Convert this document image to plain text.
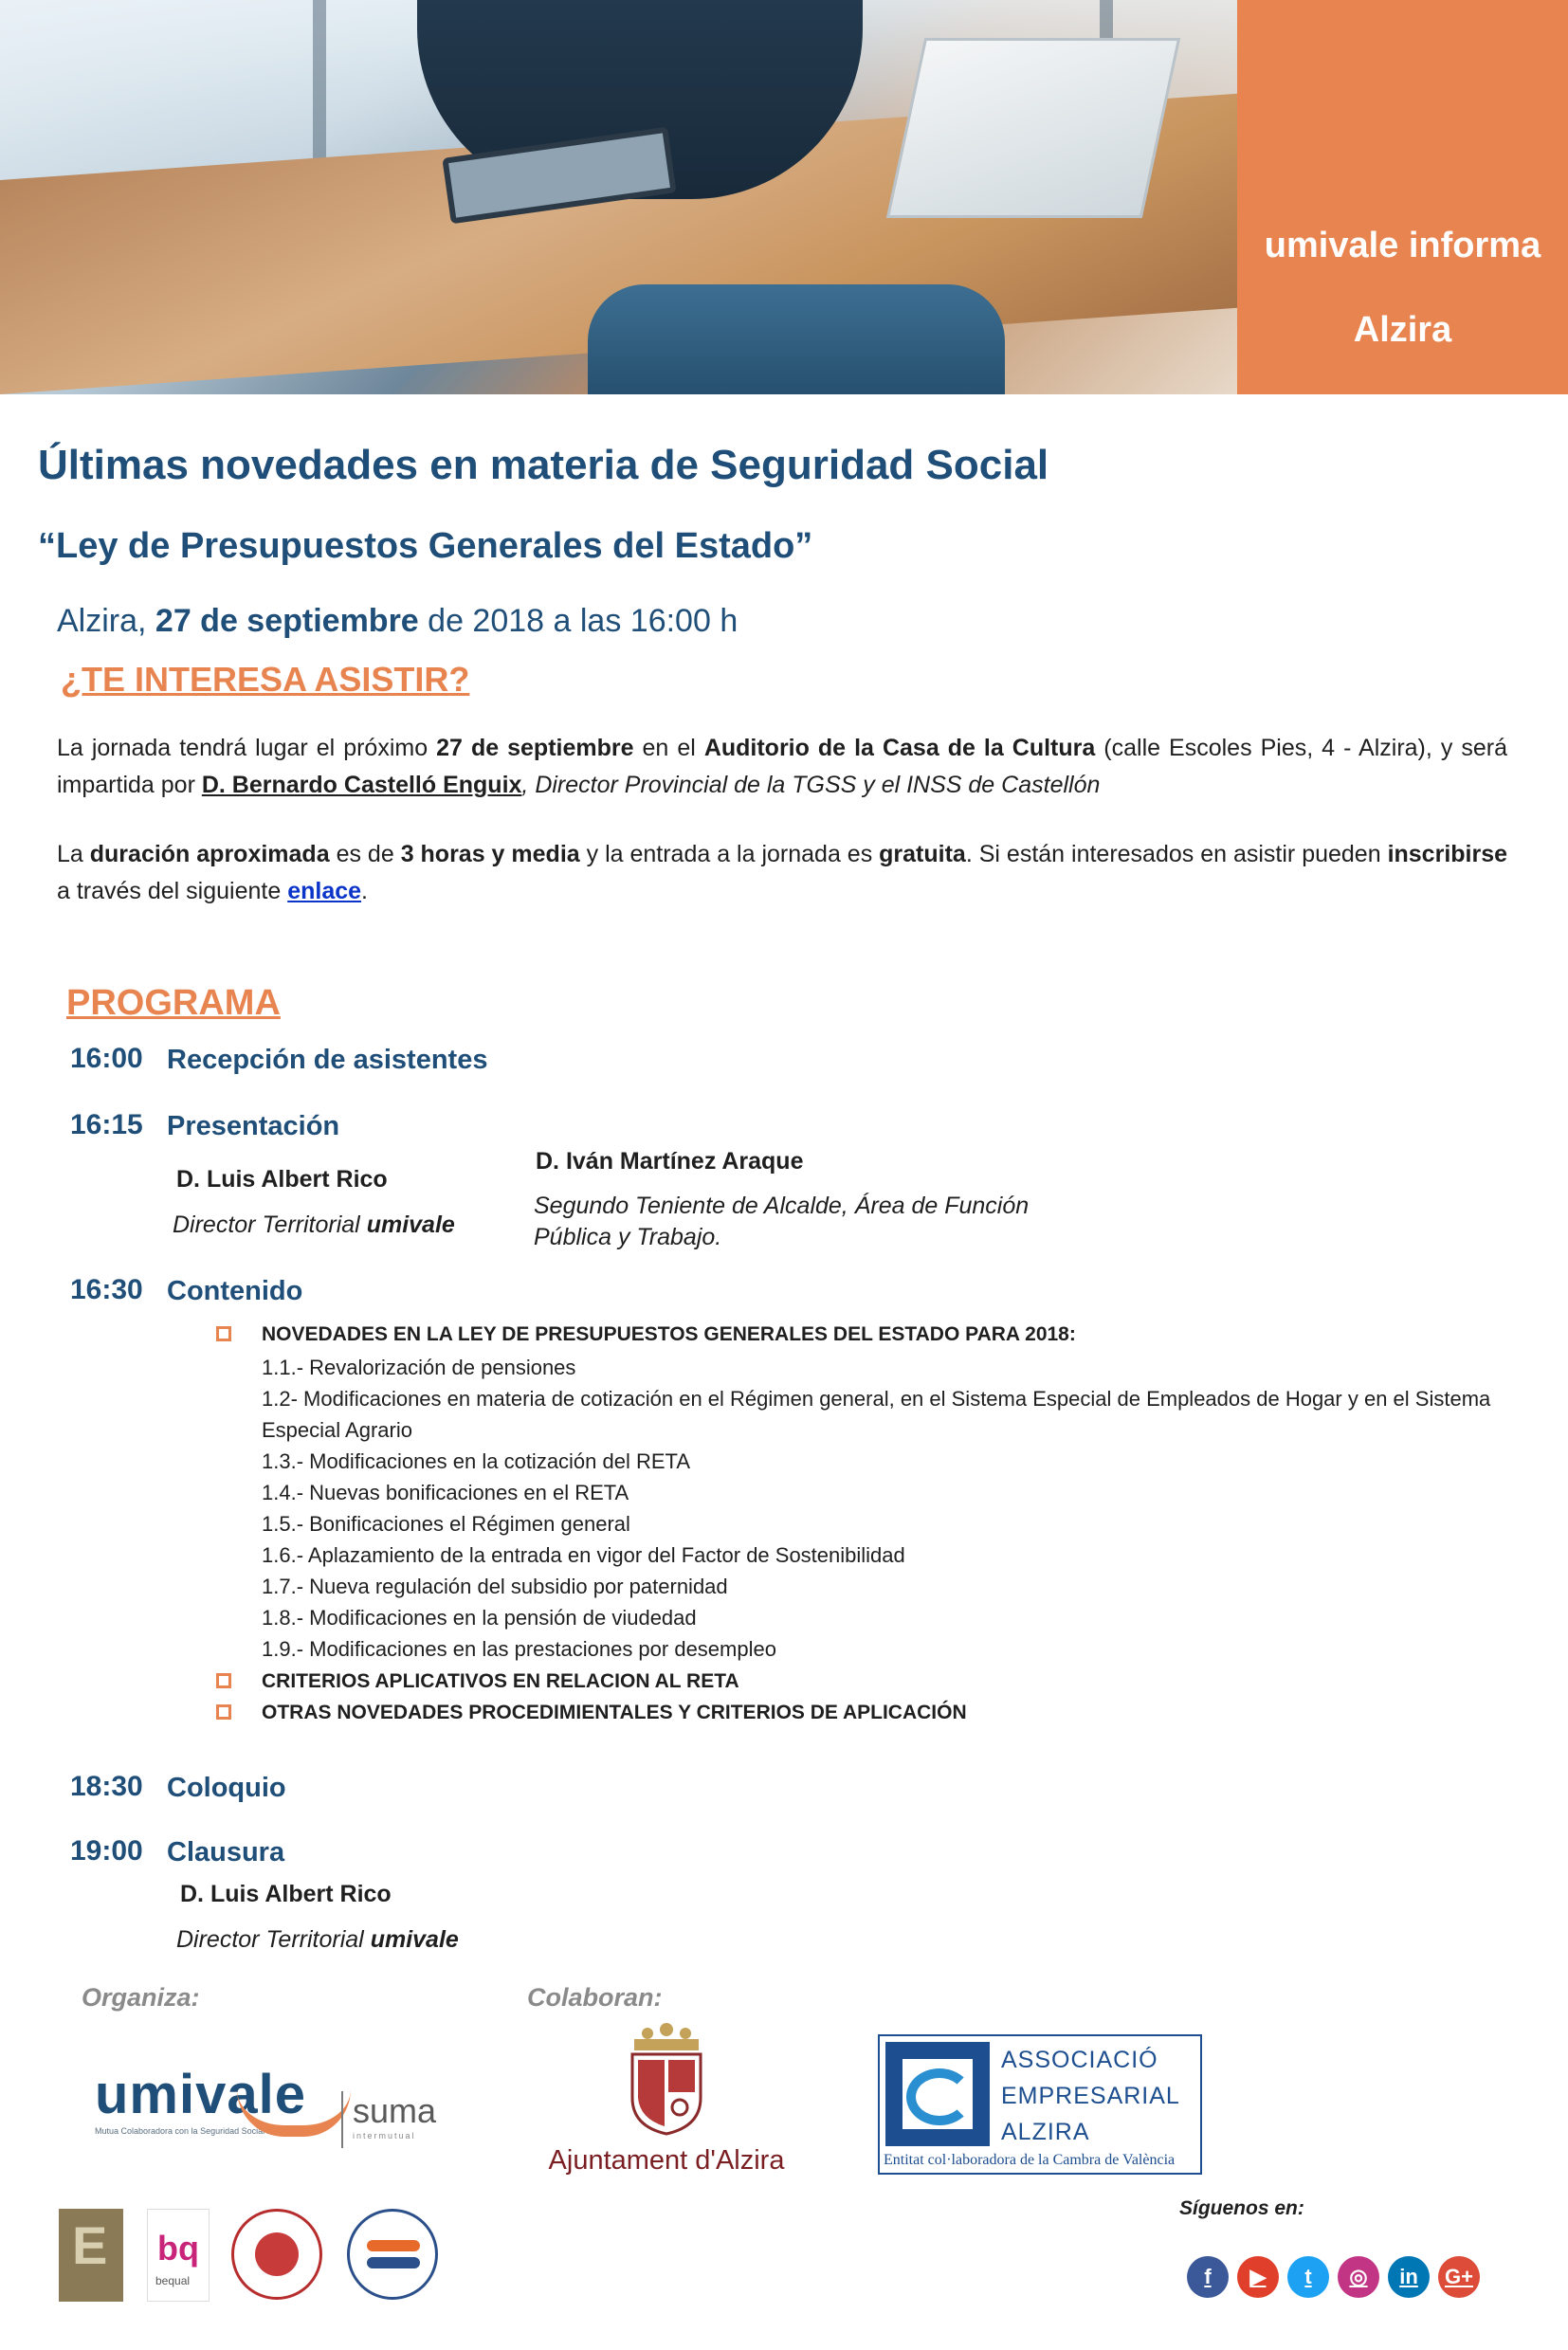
umivale informa
Alzira
Últimas novedades en materia de Seguridad Social
“Ley de Presupuestos Generales del Estado”
Alzira, 27 de septiembre de 2018 a las 16:00 h
¿TE INTERESA ASISTIR?
La jornada tendrá lugar el próximo 27 de septiembre en el Auditorio de la Casa de la Cultura (calle Escoles Pies, 4 - Alzira), y será impartida por D. Bernardo Castelló Enguix, Director Provincial de la TGSS y el INSS de Castellón
La duración aproximada es de 3 horas y media y la entrada a la jornada es gratuita. Si están interesados en asistir pueden inscribirse a través del siguiente enlace.
PROGRAMA
16:00 Recepción de asistentes
16:15 Presentación
D. Luis Albert Rico
Director Territorial umivale
D. Iván Martínez Araque
Segundo Teniente de Alcalde, Área de Función
Pública y Trabajo.
16:30 Contenido
NOVEDADES EN LA LEY DE PRESUPUESTOS GENERALES DEL ESTADO PARA 2018:
1.1.- Revalorización de pensiones
1.2- Modificaciones en materia de cotización en el Régimen general, en el Sistema Especial de Empleados de Hogar y en el Sistema Especial Agrario
1.3.- Modificaciones en la cotización del RETA
1.4.- Nuevas bonificaciones en el RETA
1.5.- Bonificaciones el Régimen general
1.6.- Aplazamiento de la entrada en vigor del Factor de Sostenibilidad
1.7.- Nueva regulación del subsidio por paternidad
1.8.- Modificaciones en la pensión de viudedad
1.9.- Modificaciones en las prestaciones por desempleo
CRITERIOS APLICATIVOS EN RELACION AL RETA
OTRAS NOVEDADES PROCEDIMIENTALES Y CRITERIOS DE APLICACIÓN
18:30 Coloquio
19:00 Clausura
D. Luis Albert Rico
Director Territorial umivale
Organiza:	Colaboran:
umivale
Mutua Colaboradora con la Seguridad Social nº 15
suma
intermutual
Ajuntament d'Alzira
ASSOCIACIÓ
EMPRESARIAL
ALZIRA
Entitat col·laboradora de la Cambra de València
E bq
bequal
Síguenos en:
f	▶	t	◎	in	G+
